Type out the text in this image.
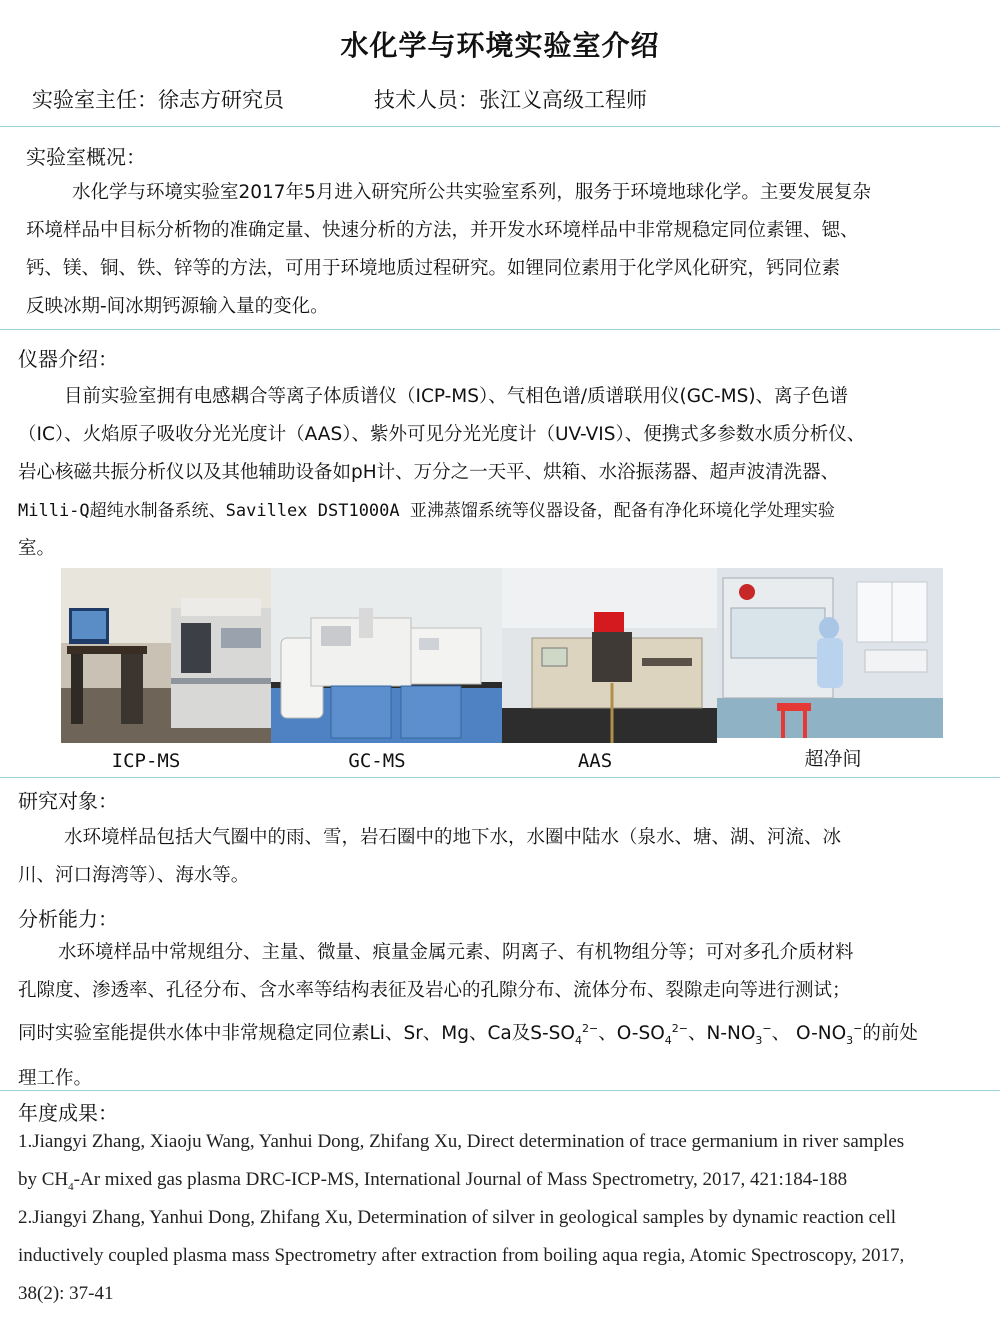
水化学与环境实验室介绍
实验室主任：徐志方研究员	技术人员：张江义高级工程师
实验室概况：
水化学与环境实验室2017年5月进入研究所公共实验室系列，服务于环境地球化学。主要发展复杂
环境样品中目标分析物的准确定量、快速分析的方法，并开发水环境样品中非常规稳定同位素锂、锶、
钙、镁、铜、铁、锌等的方法，可用于环境地质过程研究。如锂同位素用于化学风化研究，钙同位素
反映冰期-间冰期钙源输入量的变化。
仪器介绍：
目前实验室拥有电感耦合等离子体质谱仪（ICP-MS）、气相色谱/质谱联用仪(GC-MS)、离子色谱
（IC）、火焰原子吸收分光光度计（AAS）、紫外可见分光光度计（UV-VIS）、便携式多参数水质分析仪、
岩心核磁共振分析仪以及其他辅助设备如pH计、万分之一天平、烘箱、水浴振荡器、超声波清洗器、
Milli-Q超纯水制备系统、Savillex DST1000A 亚沸蒸馏系统等仪器设备，配备有净化环境化学处理实验
室。
ICP-MS	GC-MS	AAS	超净间
研究对象：
水环境样品包括大气圈中的雨、雪，岩石圈中的地下水，水圈中陆水（泉水、塘、湖、河流、冰
川、河口海湾等）、海水等。
分析能力：
水环境样品中常规组分、主量、微量、痕量金属元素、阴离子、有机物组分等；可对多孔介质材料
孔隙度、渗透率、孔径分布、含水率等结构表征及岩心的孔隙分布、流体分布、裂隙走向等进行测试；
同时实验室能提供水体中非常规稳定同位素Li、Sr、Mg、Ca及$S-SO_4^{2-}$、$O-SO_4^{2-}$、$N-NO_3^-$、 $O-NO_3^-$的前处
理工作。
年度成果：
1.Jiangyi Zhang, Xiaoju Wang, Yanhui Dong, Zhifang Xu, Direct determination of trace germanium in river samples
by $CH_4-Ar$ mixed gas plasma DRC-ICP-MS, International Journal of Mass Spectrometry, 2017, 421:184-188
2.Jiangyi Zhang, Yanhui Dong, Zhifang Xu, Determination of silver in geological samples by dynamic reaction cell
inductively coupled plasma mass Spectrometry after extraction from boiling aqua regia, Atomic Spectroscopy, 2017,
38(2): 37-41
